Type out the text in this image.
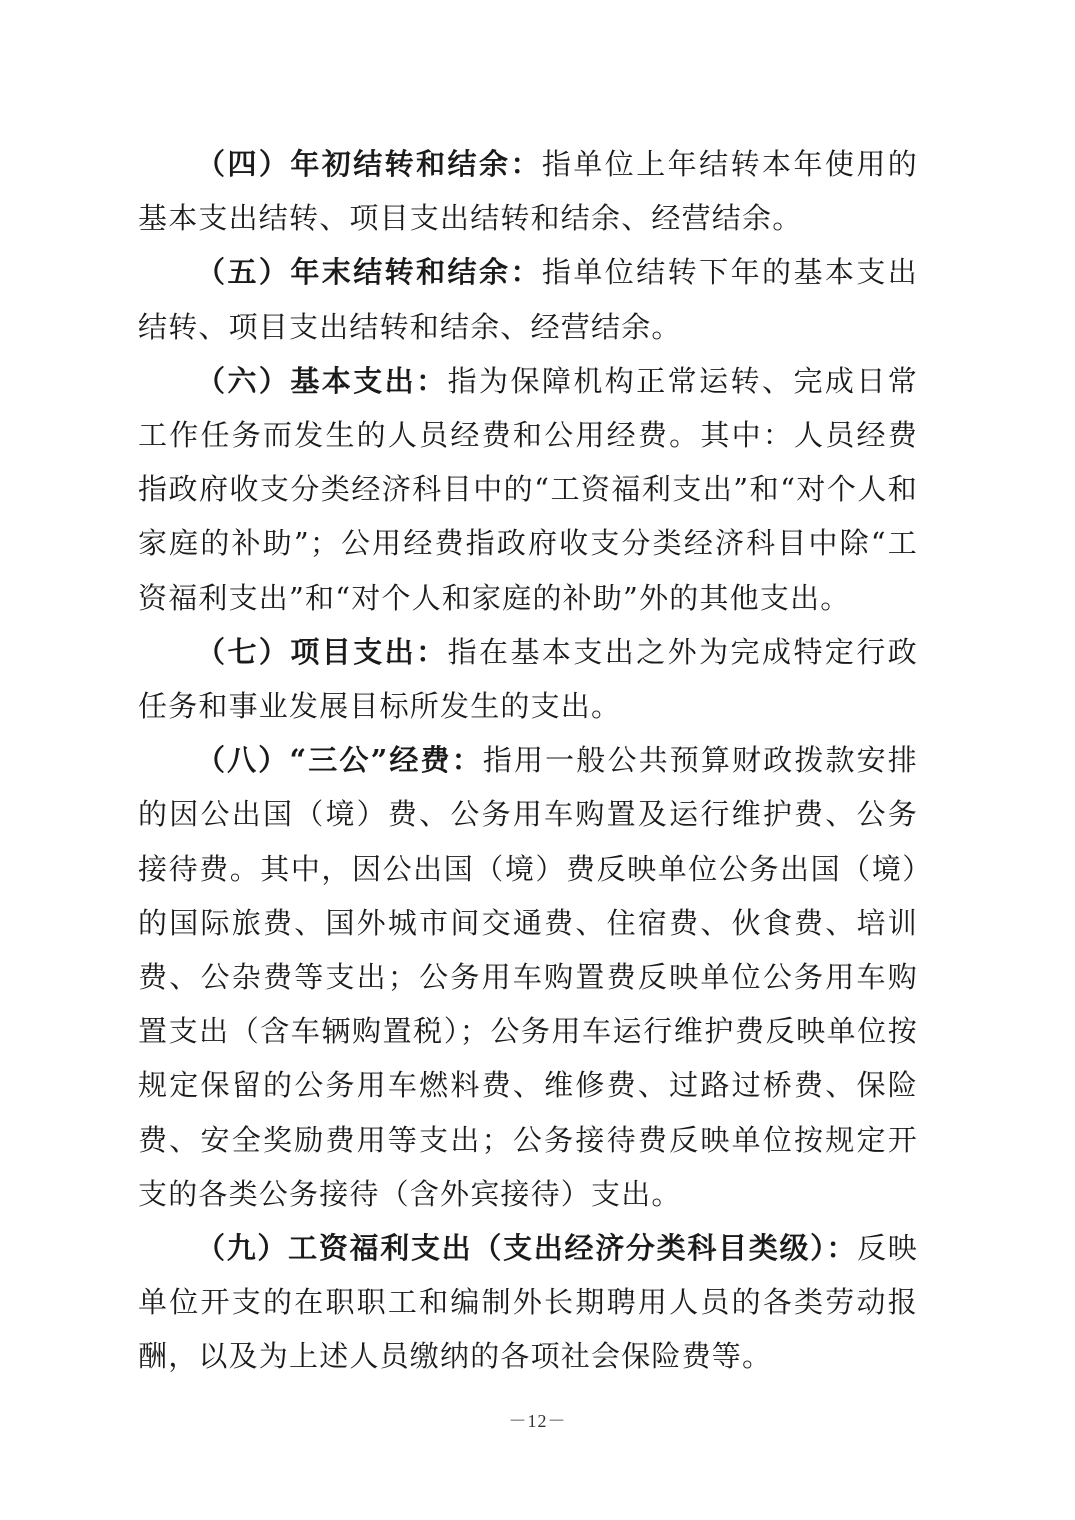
（四）年初结转和结余：指单位上年结转本年使用的基本支出结转、项目支出结转和结余、经营结余。

（五）年末结转和结余：指单位结转下年的基本支出结转、项目支出结转和结余、经营结余。

（六）基本支出：指为保障机构正常运转、完成日常工作任务而发生的人员经费和公用经费。其中：人员经费指政府收支分类经济科目中的“工资福利支出”和“对个人和家庭的补助”；公用经费指政府收支分类经济科目中除“工资福利支出”和“对个人和家庭的补助”外的其他支出。

（七）项目支出：指在基本支出之外为完成特定行政任务和事业发展目标所发生的支出。

（八）“三公”经费：指用一般公共预算财政拨款安排的因公出国（境）费、公务用车购置及运行维护费、公务接待费。其中，因公出国（境）费反映单位公务出国（境）的国际旅费、国外城市间交通费、住宿费、伙食费、培训费、公杂费等支出；公务用车购置费反映单位公务用车购置支出（含车辆购置税）；公务用车运行维护费反映单位按规定保留的公务用车燃料费、维修费、过路过桥费、保险费、安全奖励费用等支出；公务接待费反映单位按规定开支的各类公务接待（含外宾接待）支出。

（九）工资福利支出（支出经济分类科目类级）：反映单位开支的在职职工和编制外长期聘用人员的各类劳动报酬，以及为上述人员缴纳的各项社会保险费等。

－12－
